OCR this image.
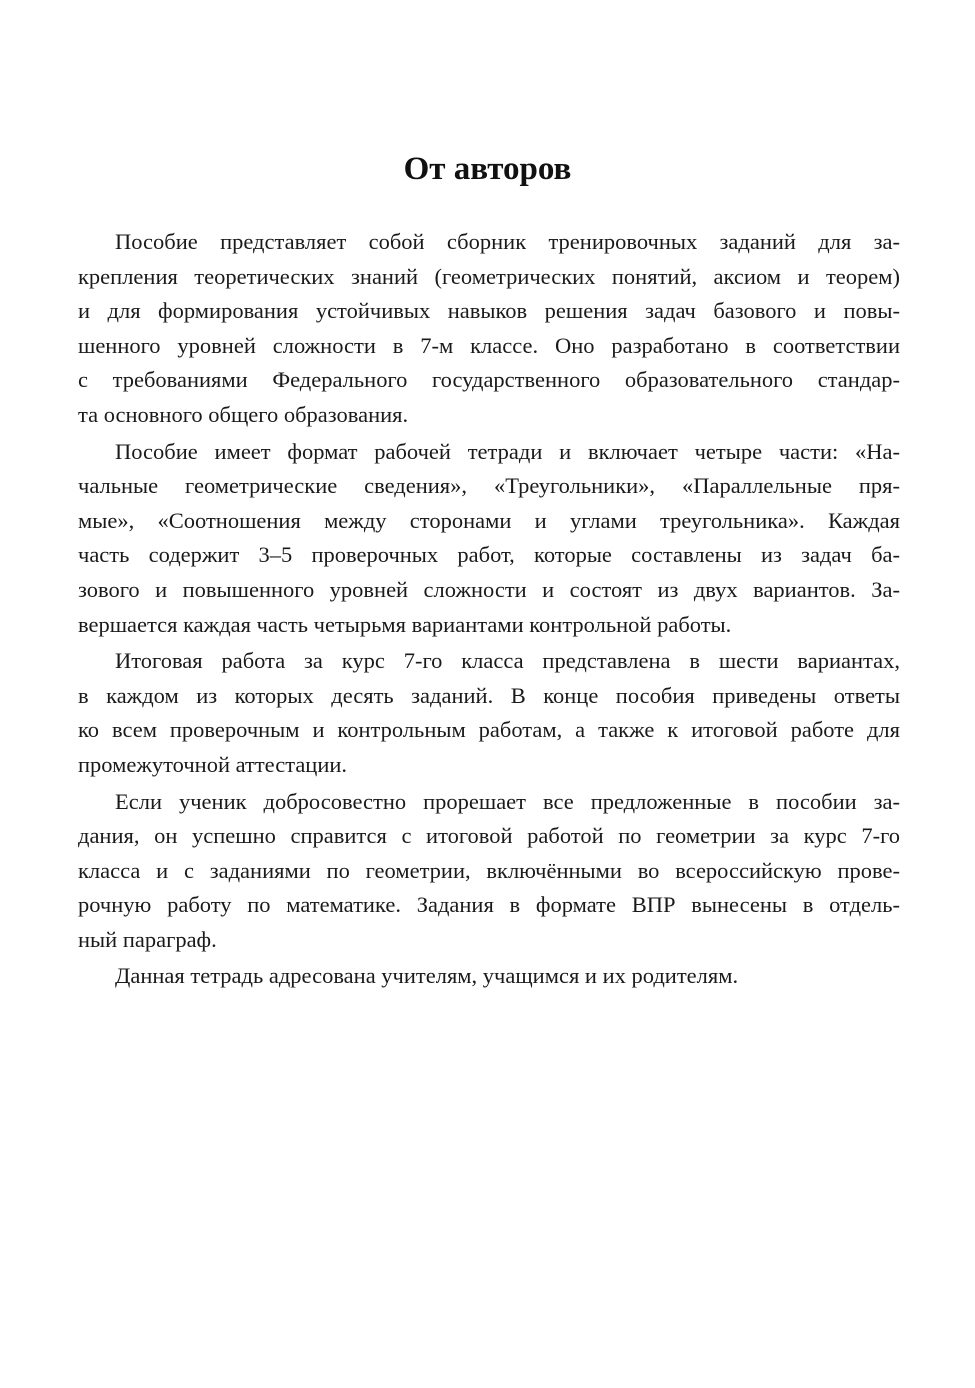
От авторов

Пособие представляет собой сборник тренировочных заданий для за-
крепления теоретических знаний (геометрических понятий, аксиом и теорем)
и для формирования устойчивых навыков решения задач базового и повы-
шенного уровней сложности в 7-м классе. Оно разработано в соответствии
с требованиями Федерального государственного образовательного стандар-
та основного общего образования.

Пособие имеет формат рабочей тетради и включает четыре части: «На-
чальные геометрические сведения», «Треугольники», «Параллельные пря-
мые», «Соотношения между сторонами и углами треугольника». Каждая
часть содержит 3–5 проверочных работ, которые составлены из задач ба-
зового и повышенного уровней сложности и состоят из двух вариантов. За-
вершается каждая часть четырьмя вариантами контрольной работы.

Итоговая работа за курс 7-го класса представлена в шести вариантах,
в каждом из которых десять заданий. В конце пособия приведены ответы
ко всем проверочным и контрольным работам, а также к итоговой работе для
промежуточной аттестации.

Если ученик добросовестно прорешает все предложенные в пособии за-
дания, он успешно справится с итоговой работой по геометрии за курс 7-го
класса и с заданиями по геометрии, включёнными во всероссийскую прове-
рочную работу по математике. Задания в формате ВПР вынесены в отдель-
ный параграф.

Данная тетрадь адресована учителям, учащимся и их родителям.
